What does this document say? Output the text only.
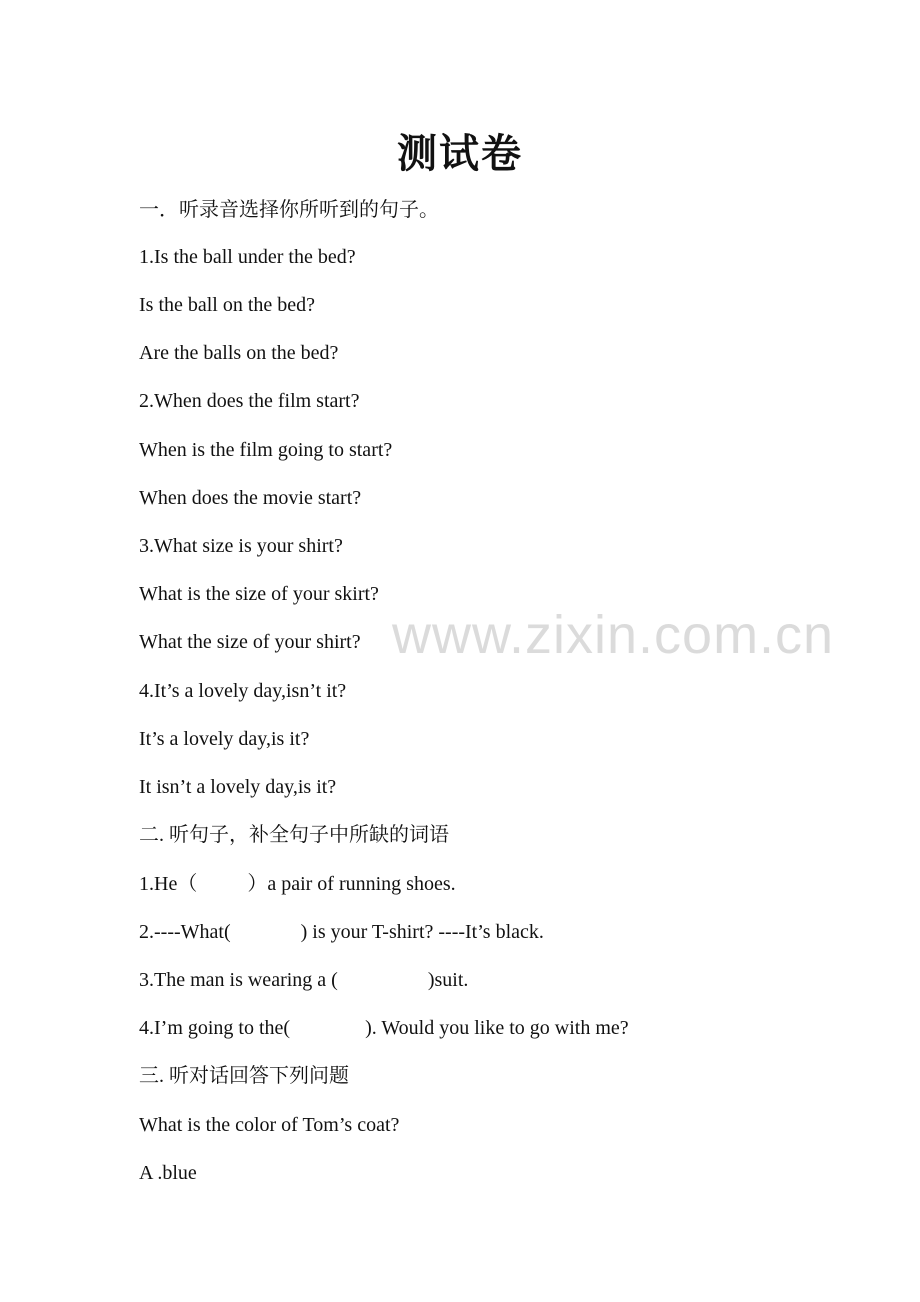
测试卷
www.zixin.com.cn
一．听录音选择你所听到的句子。
1.Is the ball under the bed?
Is the ball on the bed?
Are the balls on the bed?
2.When does the film start?
When is the film going to start?
When does the movie start?
3.What size is your shirt?
What is the size of your skirt?
What the size of your shirt?
4.It’s a lovely day,isn’t it?
It’s a lovely day,is it?
It isn’t a lovely day,is it?
二. 听句子，补全句子中所缺的词语
1.He（          ）a pair of running shoes.
2.----What(              ) is your T-shirt? ----It’s black.
3.The man is wearing a (                  )suit.
4.I’m going to the(               ). Would you like to go with me?
三. 听对话回答下列问题
What is the color of Tom’s coat?
A .blue
